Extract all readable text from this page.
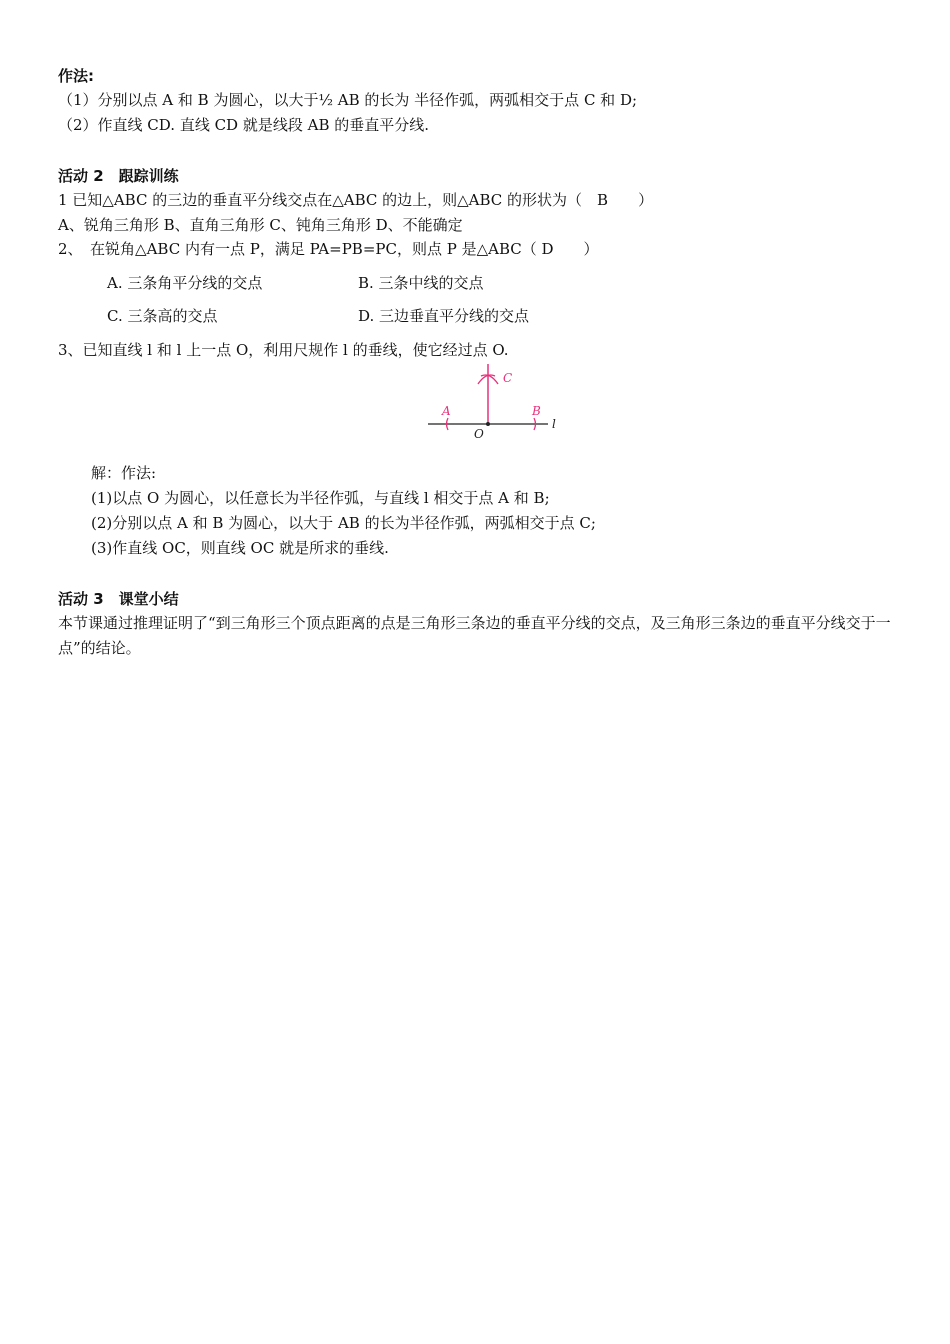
作法:
（1）分别以点 A 和 B 为圆心，以大于½ AB 的长为 半径作弧，两弧相交于点 C 和 D;
（2）作直线 CD. 直线 CD 就是线段 AB 的垂直平分线.
活动 2　跟踪训练
1 已知△ABC 的三边的垂直平分线交点在△ABC 的边上，则△ABC 的形状为（　B　　）
A、锐角三角形 B、直角三角形 C、钝角三角形 D、不能确定
2、　在锐角△ABC 内有一点 P，满足 PA=PB=PC，则点 P 是△ABC（ D　　）
A. 三条角平分线的交点	B. 三条中线的交点
C. 三条高的交点	D. 三边垂直平分线的交点
3、已知直线 l 和 l 上一点 O，利用尺规作 l 的垂线，使它经过点 O.
C
A	B
O
l
解：作法:
(1)以点 O 为圆心，以任意长为半径作弧，与直线 l 相交于点 A 和 B;
(2)分别以点 A 和 B 为圆心，以大于 AB 的长为半径作弧，两弧相交于点 C;
(3)作直线 OC，则直线 OC 就是所求的垂线.
活动 3　课堂小结
本节课通过推理证明了“到三角形三个顶点距离的点是三角形三条边的垂直平分线的交点，及三角形三条边的垂直平分线交于一点”的结论。
